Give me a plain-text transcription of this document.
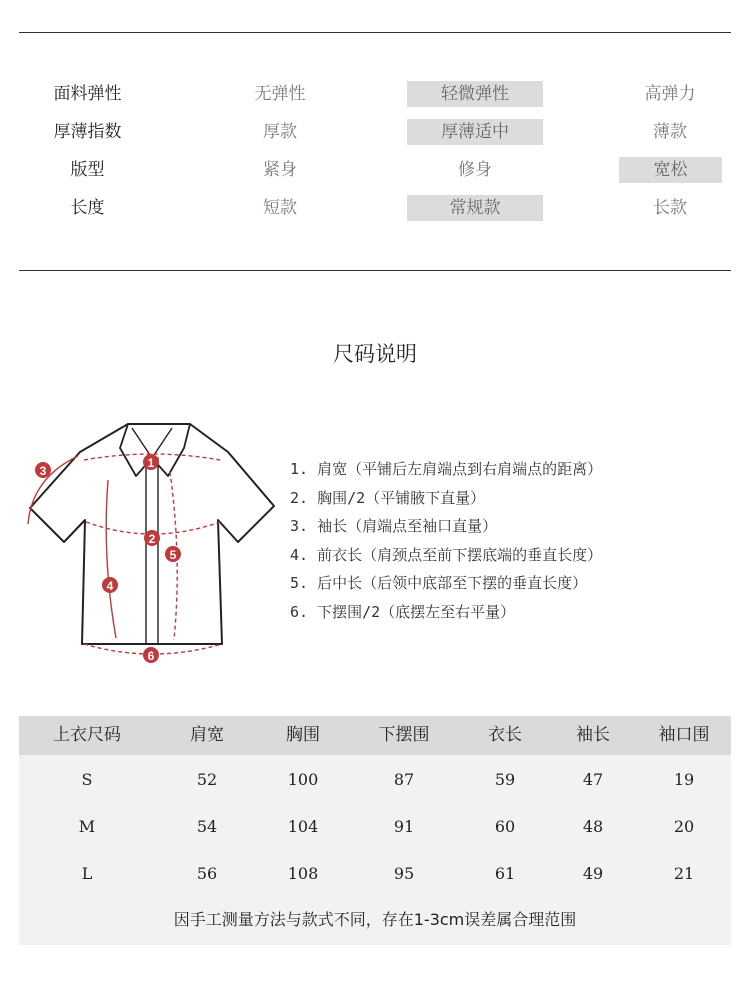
面料弹性	无弹性	轻微弹性	高弹力
厚薄指数	厚款	厚薄适中	薄款
版型	紧身	修身	宽松
长度	短款	常规款	长款
尺码说明
1
2
3
4
5
6
1. 肩宽（平铺后左肩端点到右肩端点的距离）
2. 胸围/2（平铺腋下直量）
3. 袖长（肩端点至袖口直量）
4. 前衣长（肩颈点至前下摆底端的垂直长度）
5. 后中长（后领中底部至下摆的垂直长度）
6. 下摆围/2（底摆左至右平量）
上衣尺码	肩宽	胸围	下摆围	衣长	袖长	袖口围
S	52	100	87	59	47	19
M	54	104	91	60	48	20
L	56	108	95	61	49	21
因手工测量方法与款式不同，存在1-3cm误差属合理范围
